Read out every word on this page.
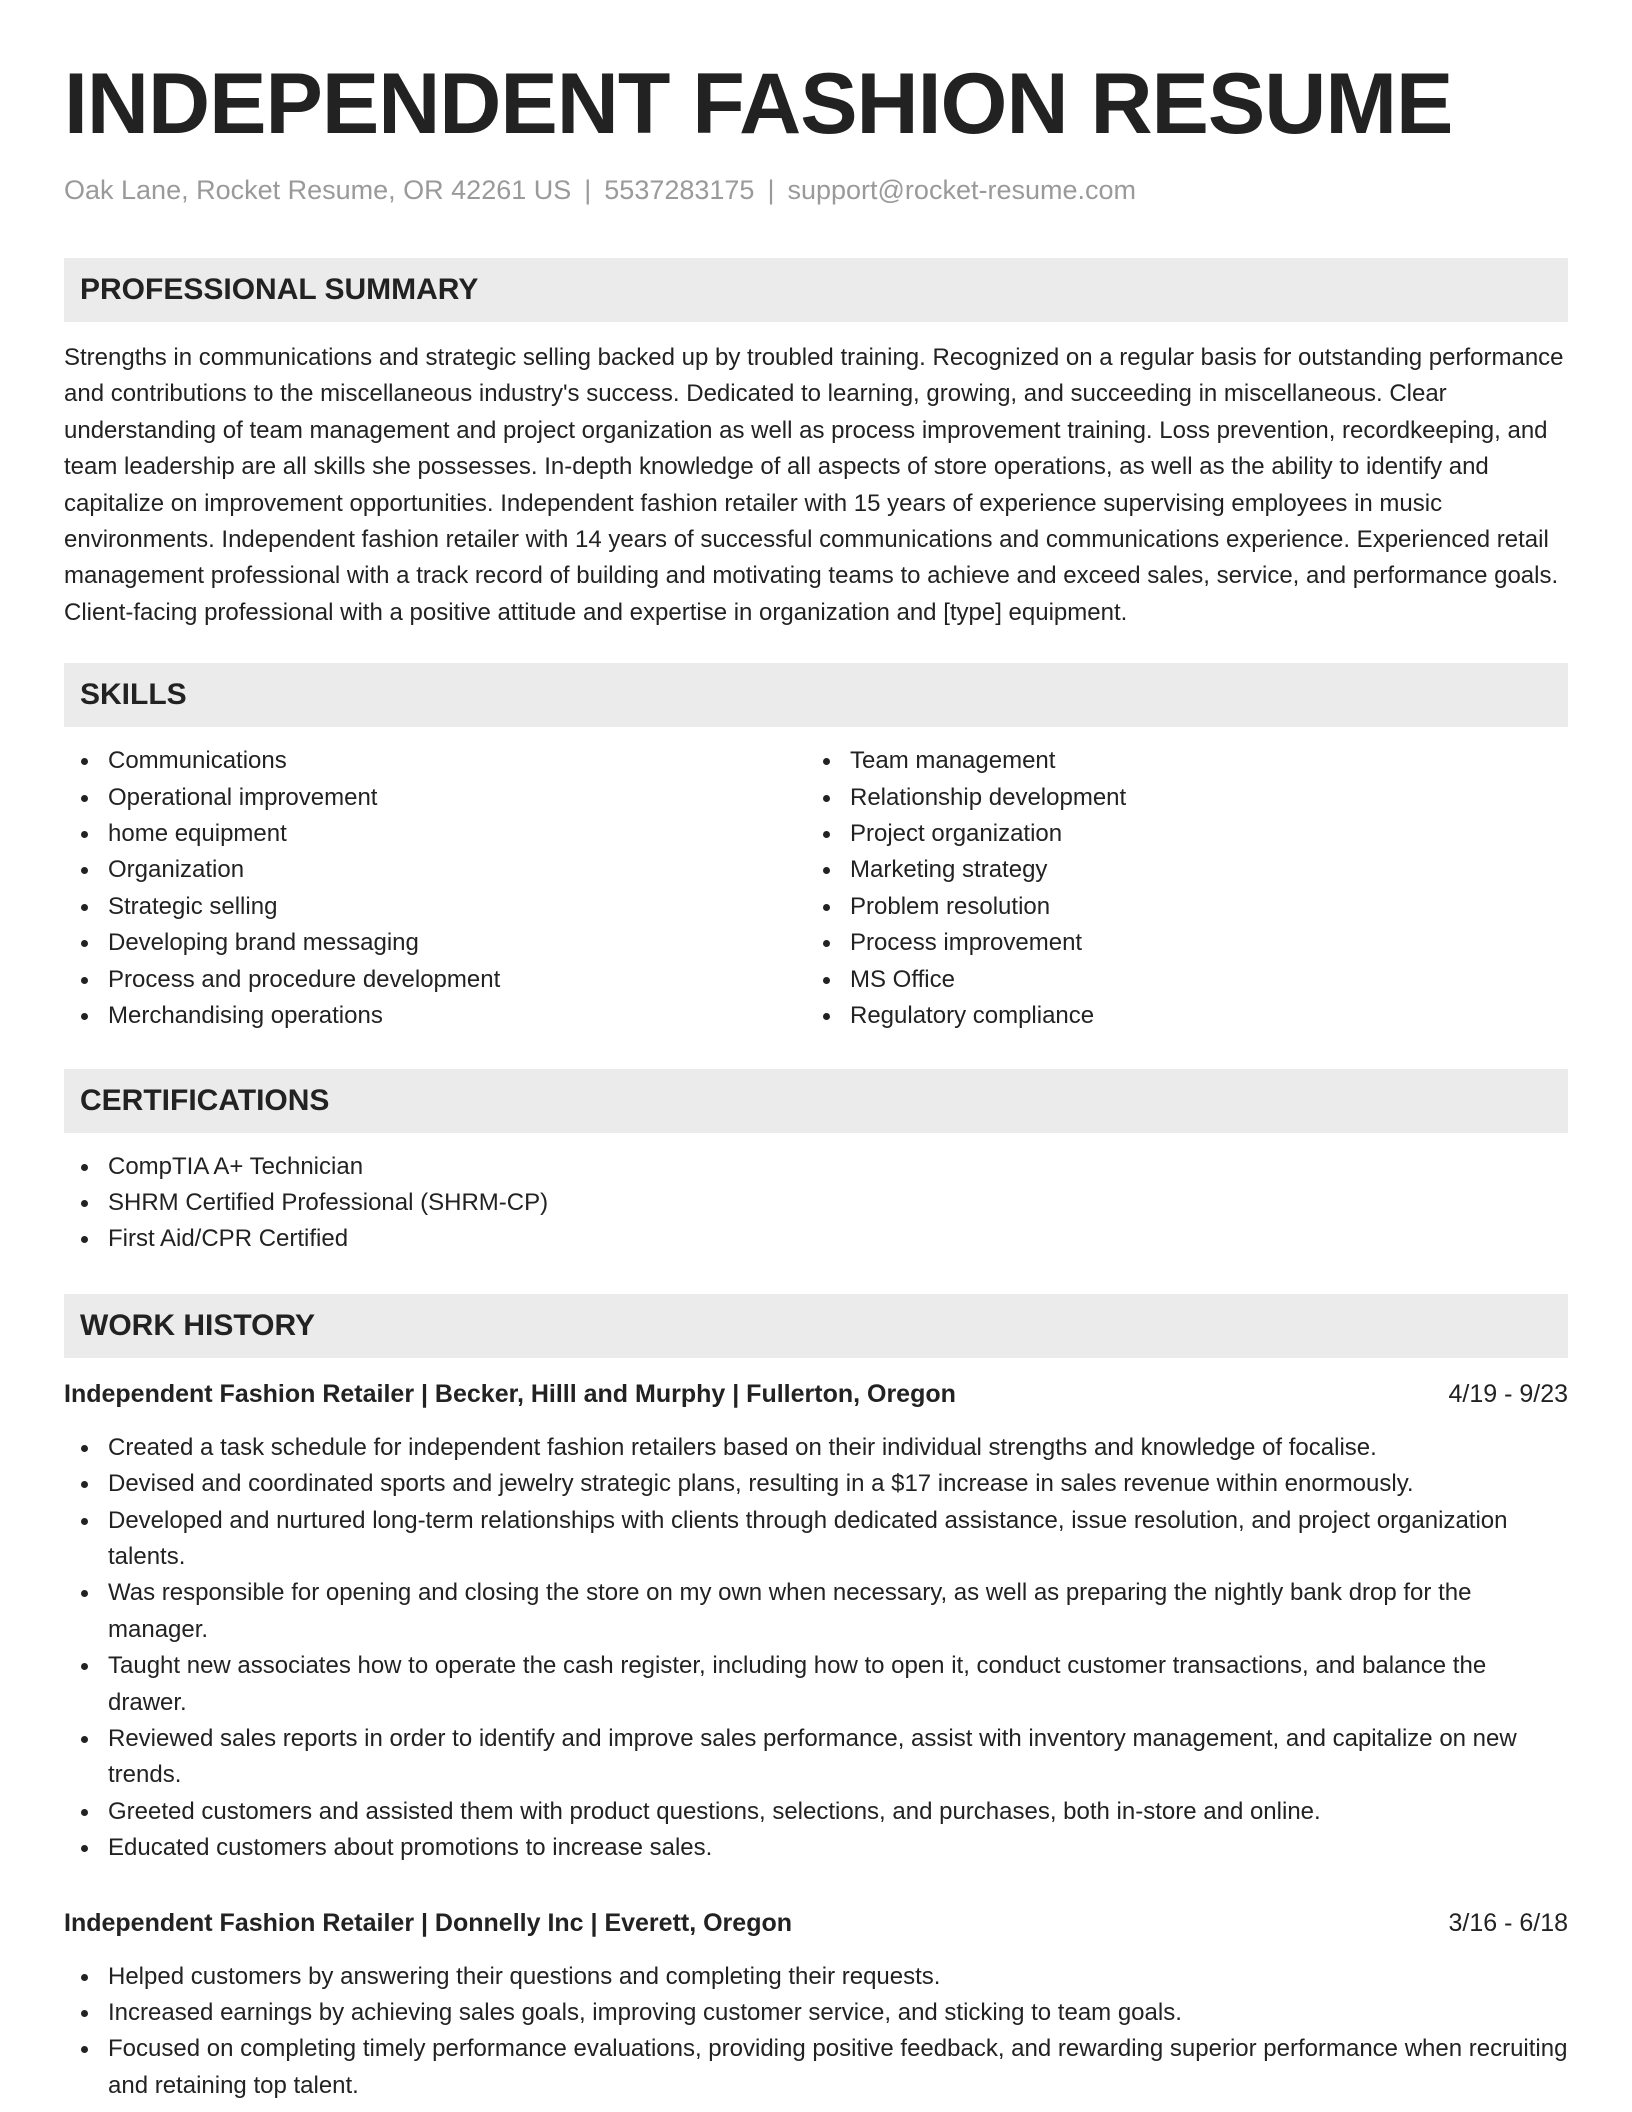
INDEPENDENT FASHION RESUME
Oak Lane, Rocket Resume, OR 42261 US | 5537283175 | support@rocket-resume.com
PROFESSIONAL SUMMARY
Strengths in communications and strategic selling backed up by troubled training. Recognized on a regular basis for outstanding performance and contributions to the miscellaneous industry's success. Dedicated to learning, growing, and succeeding in miscellaneous. Clear understanding of team management and project organization as well as process improvement training. Loss prevention, recordkeeping, and team leadership are all skills she possesses. In-depth knowledge of all aspects of store operations, as well as the ability to identify and capitalize on improvement opportunities. Independent fashion retailer with 15 years of experience supervising employees in music environments. Independent fashion retailer with 14 years of successful communications and communications experience. Experienced retail management professional with a track record of building and motivating teams to achieve and exceed sales, service, and performance goals. Client-facing professional with a positive attitude and expertise in organization and [type] equipment.
SKILLS
Communications
Operational improvement
home equipment
Organization
Strategic selling
Developing brand messaging
Process and procedure development
Merchandising operations
Team management
Relationship development
Project organization
Marketing strategy
Problem resolution
Process improvement
MS Office
Regulatory compliance
CERTIFICATIONS
CompTIA A+ Technician
SHRM Certified Professional (SHRM-CP)
First Aid/CPR Certified
WORK HISTORY
Independent Fashion Retailer | Becker, Hilll and Murphy | Fullerton, Oregon	4/19 - 9/23
Created a task schedule for independent fashion retailers based on their individual strengths and knowledge of focalise.
Devised and coordinated sports and jewelry strategic plans, resulting in a $17 increase in sales revenue within enormously.
Developed and nurtured long-term relationships with clients through dedicated assistance, issue resolution, and project organization talents.
Was responsible for opening and closing the store on my own when necessary, as well as preparing the nightly bank drop for the manager.
Taught new associates how to operate the cash register, including how to open it, conduct customer transactions, and balance the drawer.
Reviewed sales reports in order to identify and improve sales performance, assist with inventory management, and capitalize on new trends.
Greeted customers and assisted them with product questions, selections, and purchases, both in-store and online.
Educated customers about promotions to increase sales.
Independent Fashion Retailer | Donnelly Inc | Everett, Oregon	3/16 - 6/18
Helped customers by answering their questions and completing their requests.
Increased earnings by achieving sales goals, improving customer service, and sticking to team goals.
Focused on completing timely performance evaluations, providing positive feedback, and rewarding superior performance when recruiting and retaining top talent.
